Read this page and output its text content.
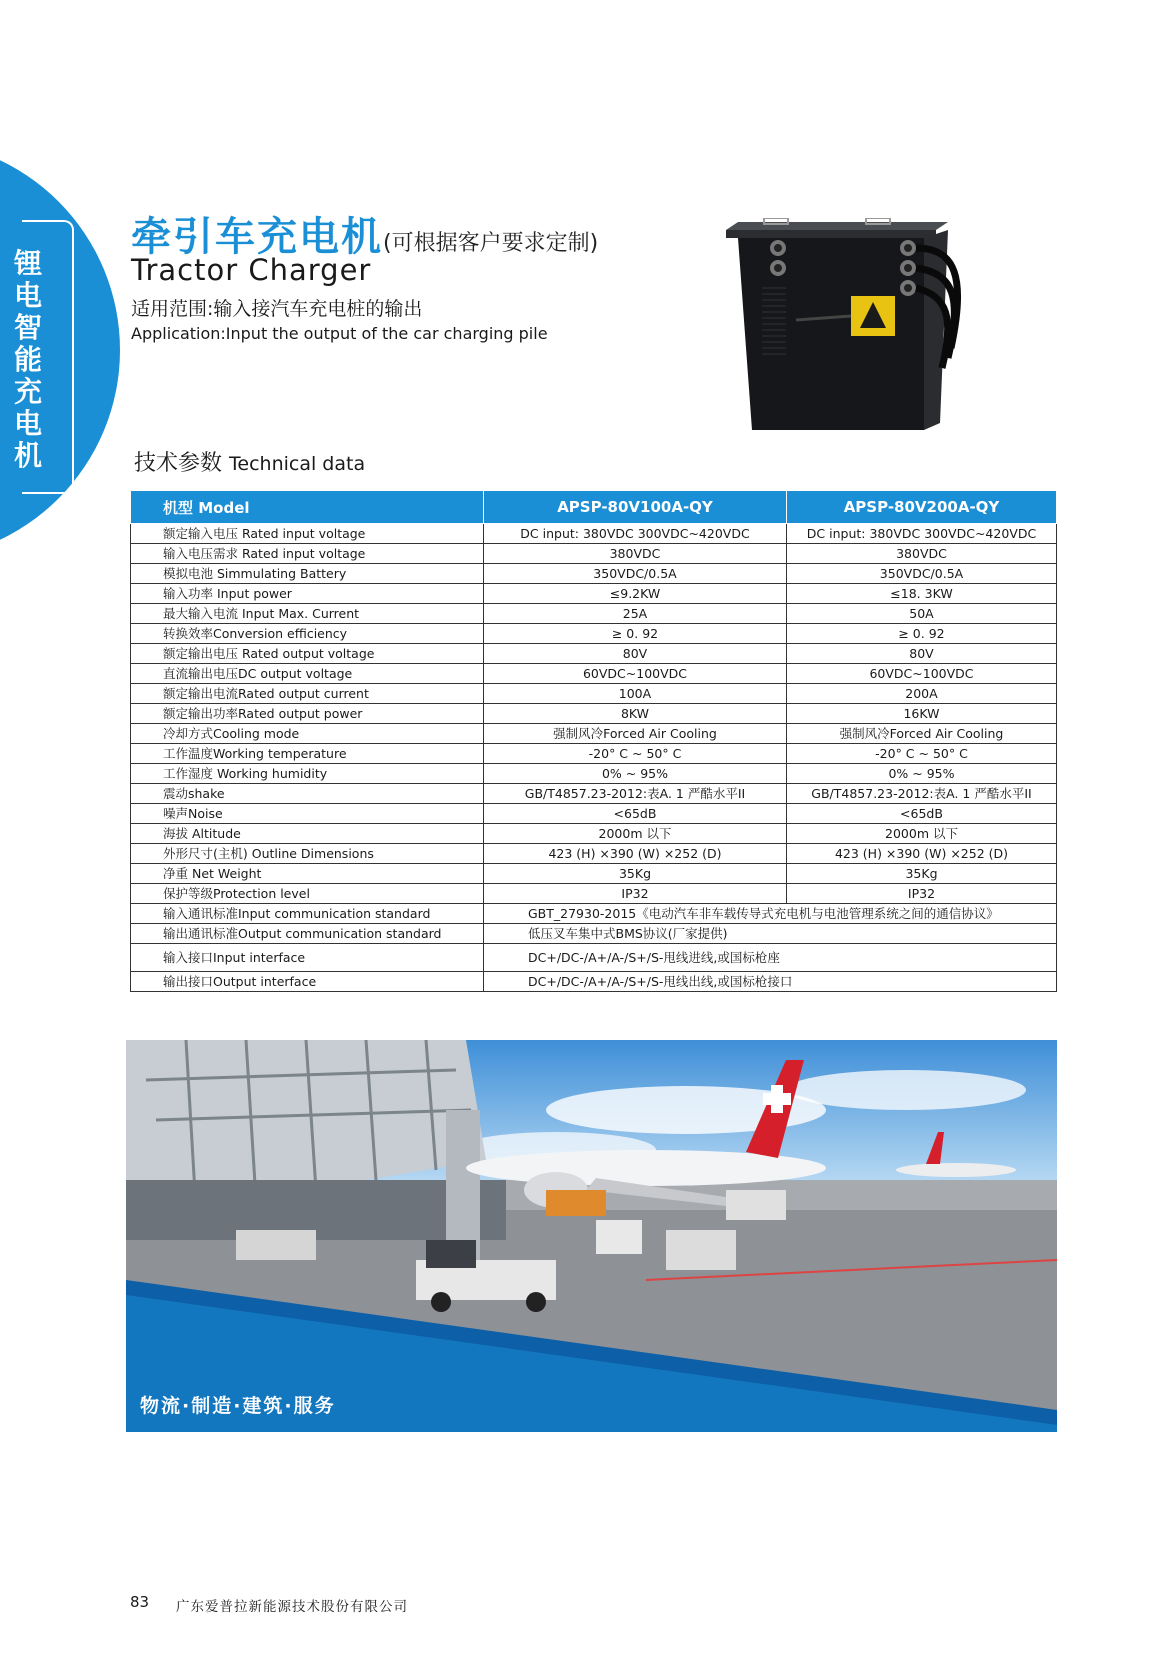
锂
电
智
能
充
电
机
牵引车充电机(可根据客户要求定制)
Tractor Charger
适用范围:输入接汽车充电桩的输出
Application:Input the output of the car charging pile
技术参数 Technical data
机型 Model	APSP-80V100A-QY	APSP-80V200A-QY
额定输入电压 Rated input voltage	DC input: 380VDC 300VDC~420VDC	DC input: 380VDC 300VDC~420VDC
输入电压需求 Rated input voltage	380VDC	380VDC
模拟电池 Simmulating Battery	350VDC/0.5A	350VDC/0.5A
输入功率 Input power	≤9.2KW	≤18. 3KW
最大输入电流 Input Max. Current	25A	50A
转换效率Conversion efficiency	≥ 0. 92	≥ 0. 92
额定输出电压 Rated output voltage	80V	80V
直流输出电压DC output voltage	60VDC~100VDC	60VDC~100VDC
额定输出电流Rated output current	100A	200A
额定输出功率Rated output power	8KW	16KW
冷却方式Cooling mode	强制风冷Forced Air Cooling	强制风冷Forced Air Cooling
工作温度Working temperature	-20° C ~ 50° C	-20° C ~ 50° C
工作湿度 Working humidity	0% ~ 95%	0% ~ 95%
震动shake	GB/T4857.23-2012:表A. 1 严酷水平II	GB/T4857.23-2012:表A. 1 严酷水平II
噪声Noise	<65dB	<65dB
海拔 Altitude	2000m 以下	2000m 以下
外形尺寸(主机) Outline Dimensions	423 (H) ×390 (W) ×252 (D)	423 (H) ×390 (W) ×252 (D)
净重 Net Weight	35Kg	35Kg
保护等级Protection level	IP32	IP32
输入通讯标准Input communication standard	GBT_27930-2015《电动汽车非车载传导式充电机与电池管理系统之间的通信协议》	
输出通讯标准Output communication standard	低压叉车集中式BMS协议(厂家提供)	
输入接口Input interface	DC+/DC-/A+/A-/S+/S-甩线进线,或国标枪座	
输出接口Output interface	DC+/DC-/A+/A-/S+/S-甩线出线,或国标枪接口	
物流·制造·建筑·服务
83 广东爱普拉新能源技术股份有限公司
